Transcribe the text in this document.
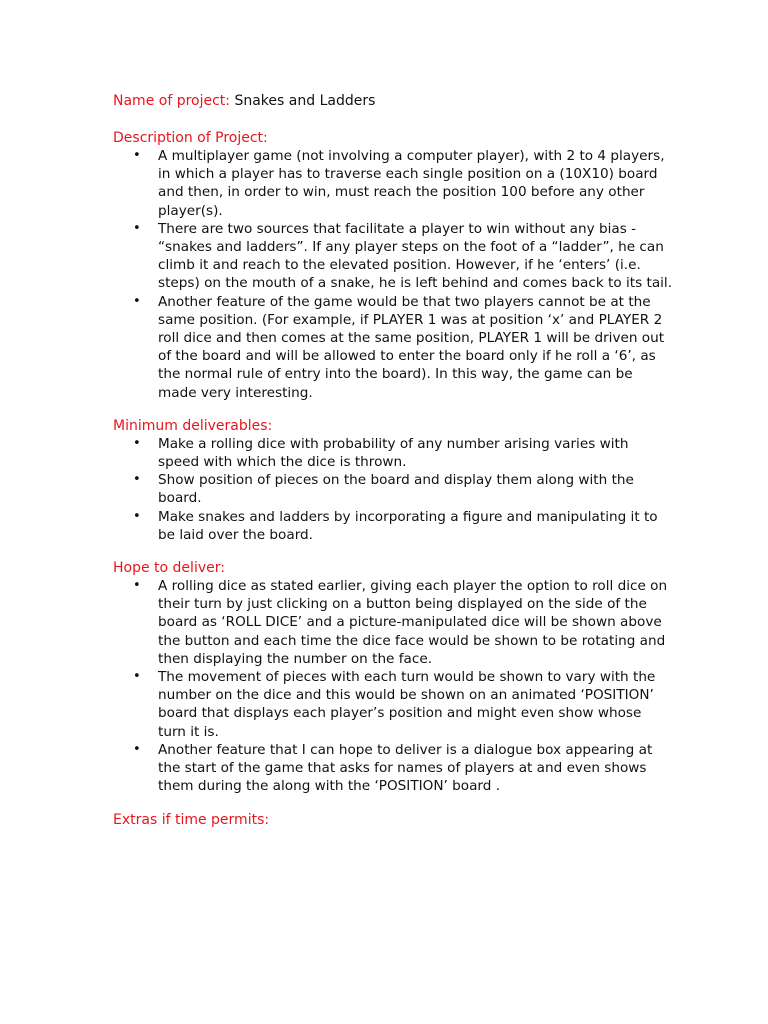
Name of project: Snakes and Ladders

Description of Project:

• A multiplayer game (not involving a computer player), with 2 to 4 players, in which a player has to traverse each single position on a (10X10) board and then, in order to win, must reach the position 100 before any other player(s).
• There are two sources that facilitate a player to win without any bias - “snakes and ladders”. If any player steps on the foot of a “ladder”, he can climb it and reach to the elevated position. However, if he ‘enters’ (i.e. steps) on the mouth of a snake, he is left behind and comes back to its tail.
• Another feature of the game would be that two players cannot be at the same position. (For example, if PLAYER 1 was at position ‘x’ and PLAYER 2 roll dice and then comes at the same position, PLAYER 1 will be driven out of the board and will be allowed to enter the board only if he roll a ‘6’, as the normal rule of entry into the board). In this way, the game can be made very interesting.

Minimum deliverables:

• Make a rolling dice with probability of any number arising varies with speed with which the dice is thrown.
• Show position of pieces on the board and display them along with the board.
• Make snakes and ladders by incorporating a figure and manipulating it to be laid over the board.

Hope to deliver:

• A rolling dice as stated earlier, giving each player the option to roll dice on their turn by just clicking on a button being displayed on the side of the board as ‘ROLL DICE’ and a picture-manipulated dice will be shown above the button and each time the dice face would be shown to be rotating and then displaying the number on the face.
• The movement of pieces with each turn would be shown to vary with the number on the dice and this would be shown on an animated ‘POSITION’ board that displays each player’s position and might even show whose turn it is.
• Another feature that I can hope to deliver is a dialogue box appearing at the start of the game that asks for names of players at and even shows them during the along with the ‘POSITION’ board .

Extras if time permits:
